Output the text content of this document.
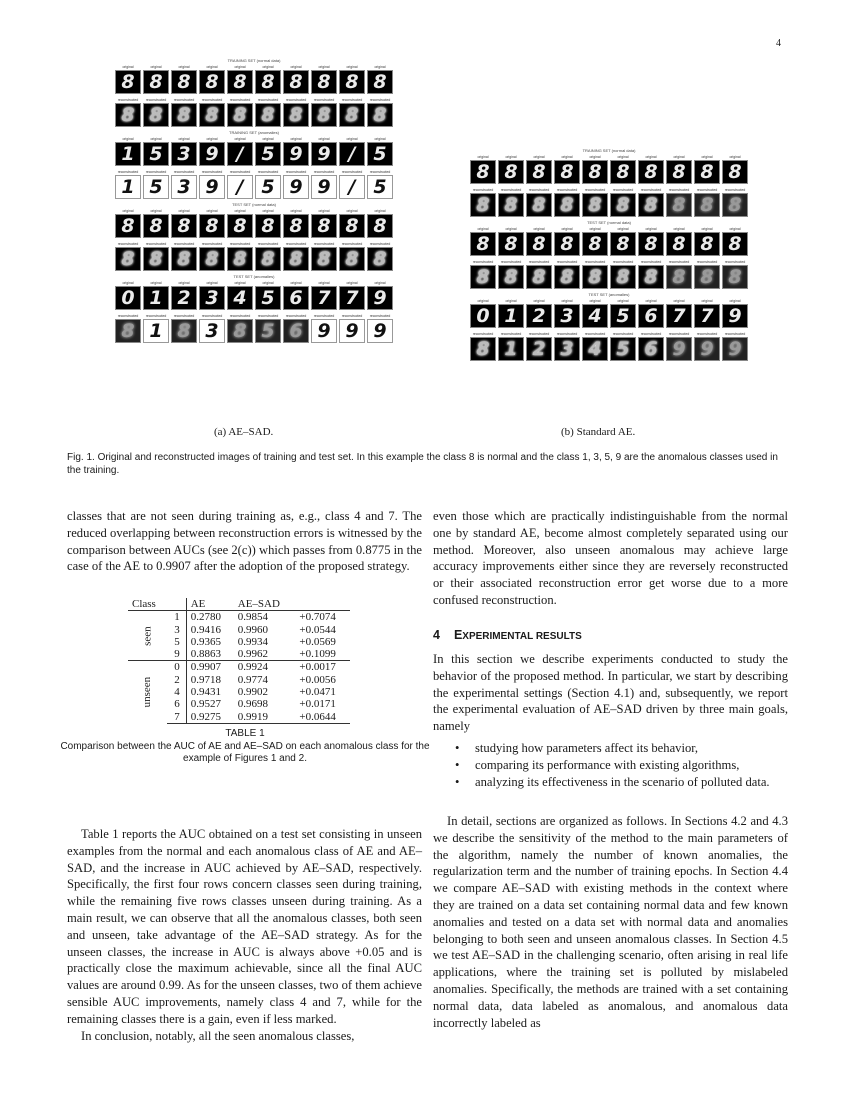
4
TRAINING SET (normal data)
original	original	original	original	original	original	original	original	original	original
8 8 8 8 8 8 8 8 8 8
reconstructed	reconstructed	reconstructed	reconstructed	reconstructed	reconstructed	reconstructed	reconstructed	reconstructed	reconstructed
8 8 8 8 8 8 8 8 8 8
TRAINING SET (anomalies)
original	original	original	original	original	original	original	original	original	original
1 5 3 9 / 5 9 9 / 5
reconstructed	reconstructed	reconstructed	reconstructed	reconstructed	reconstructed	reconstructed	reconstructed	reconstructed	reconstructed
1 5 3 9 / 5 9 9 / 5
TEST SET (normal data)
original	original	original	original	original	original	original	original	original	original
8 8 8 8 8 8 8 8 8 8
reconstructed	reconstructed	reconstructed	reconstructed	reconstructed	reconstructed	reconstructed	reconstructed	reconstructed	reconstructed
8 8 8 8 8 8 8 8 8 8
TEST SET (anomalies)
original	original	original	original	original	original	original	original	original	original
0 1 2 3 4 5 6 7 7 9
reconstructed	reconstructed	reconstructed	reconstructed	reconstructed	reconstructed	reconstructed	reconstructed	reconstructed	reconstructed
8 1 8 3 8 5 6 9 9 9
TRAINING SET (normal data)
original	original	original	original	original	original	original	original	original	original
8 8 8 8 8 8 8 8 8 8
reconstructed	reconstructed	reconstructed	reconstructed	reconstructed	reconstructed	reconstructed	reconstructed	reconstructed	reconstructed
8 8 8 8 8 8 8 8 8 8
TEST SET (normal data)
original	original	original	original	original	original	original	original	original	original
8 8 8 8 8 8 8 8 8 8
reconstructed	reconstructed	reconstructed	reconstructed	reconstructed	reconstructed	reconstructed	reconstructed	reconstructed	reconstructed
8 8 8 8 8 8 8 8 8 8
TEST SET (anomalies)
original	original	original	original	original	original	original	original	original	original
0 1 2 3 4 5 6 7 7 9
reconstructed	reconstructed	reconstructed	reconstructed	reconstructed	reconstructed	reconstructed	reconstructed	reconstructed	reconstructed
8 1 2 3 4 5 6 9 9 9
(a) AE–SAD.	(b) Standard AE.
Fig. 1. Original and reconstructed images of training and test set. In this example the class 8 is normal and the class 1, 3, 5, 9 are the anomalous classes used in the training.

classes that are not seen during training as, e.g., class 4 and 7. The reduced overlapping between reconstruction errors is witnessed by the comparison between AUCs (see 2(c)) which passes from 0.8775 in the case of the AE to 0.9907 after the adoption of the proposed strategy.

Class		AE	AE–SAD	
seen	1	0.2780	0.9854	+0.7074
	3	0.9416	0.9960	+0.0544
	5	0.9365	0.9934	+0.0569
	9	0.8863	0.9962	+0.1099
unseen	0	0.9907	0.9924	+0.0017
	2	0.9718	0.9774	+0.0056
	4	0.9431	0.9902	+0.0471
	6	0.9527	0.9698	+0.0171
	7	0.9275	0.9919	+0.0644
TABLE 1
Comparison between the AUC of AE and AE–SAD on each anomalous class for the example of Figures 1 and 2.

Table 1 reports the AUC obtained on a test set consisting in unseen examples from the normal and each anomalous class of AE and AE–SAD, and the increase in AUC achieved by AE–SAD, respectively. Specifically, the first four rows concern classes seen during training, while the remaining five rows classes unseen during training. As a main result, we can observe that all the anomalous classes, both seen and unseen, take advantage of the AE–SAD strategy. As for the unseen classes, the increase in AUC is always above +0.05 and is practically close the maximum achievable, since all the final AUC values are around 0.99. As for the unseen classes, two of them achieve sensible AUC improvements, namely class 4 and 7, while for the remaining classes there is a gain, even if less marked.

In conclusion, notably, all the seen anomalous classes,

even those which are practically indistinguishable from the normal one by standard AE, become almost completely separated using our method. Moreover, also unseen anomalous may achieve large accuracy improvements either since they are reversely reconstructed or their associated reconstruction error get worse due to a more confused reconstruction.

4 EXPERIMENTAL RESULTS

In this section we describe experiments conducted to study the behavior of the proposed method. In particular, we start by describing the experimental settings (Section 4.1) and, subsequently, we report the experimental evaluation of AE–SAD driven by three main goals, namely

• studying how parameters affect its behavior,
• comparing its performance with existing algorithms,
• analyzing its effectiveness in the scenario of polluted data.

In detail, sections are organized as follows. In Sections 4.2 and 4.3 we describe the sensitivity of the method to the main parameters of the algorithm, namely the number of known anomalies, the regularization term and the number of training epochs. In Section 4.4 we compare AE–SAD with existing methods in the context where they are trained on a data set containing normal data and few known anomalies and tested on a data set with normal data and anomalies belonging to both seen and unseen anomalous classes. In Section 4.5 we test AE–SAD in the challenging scenario, often arising in real life applications, where the training set is polluted by mislabeled anomalies. Specifically, the methods are trained with a set containing normal data, data labeled as anomalous, and anomalous data incorrectly labeled as
